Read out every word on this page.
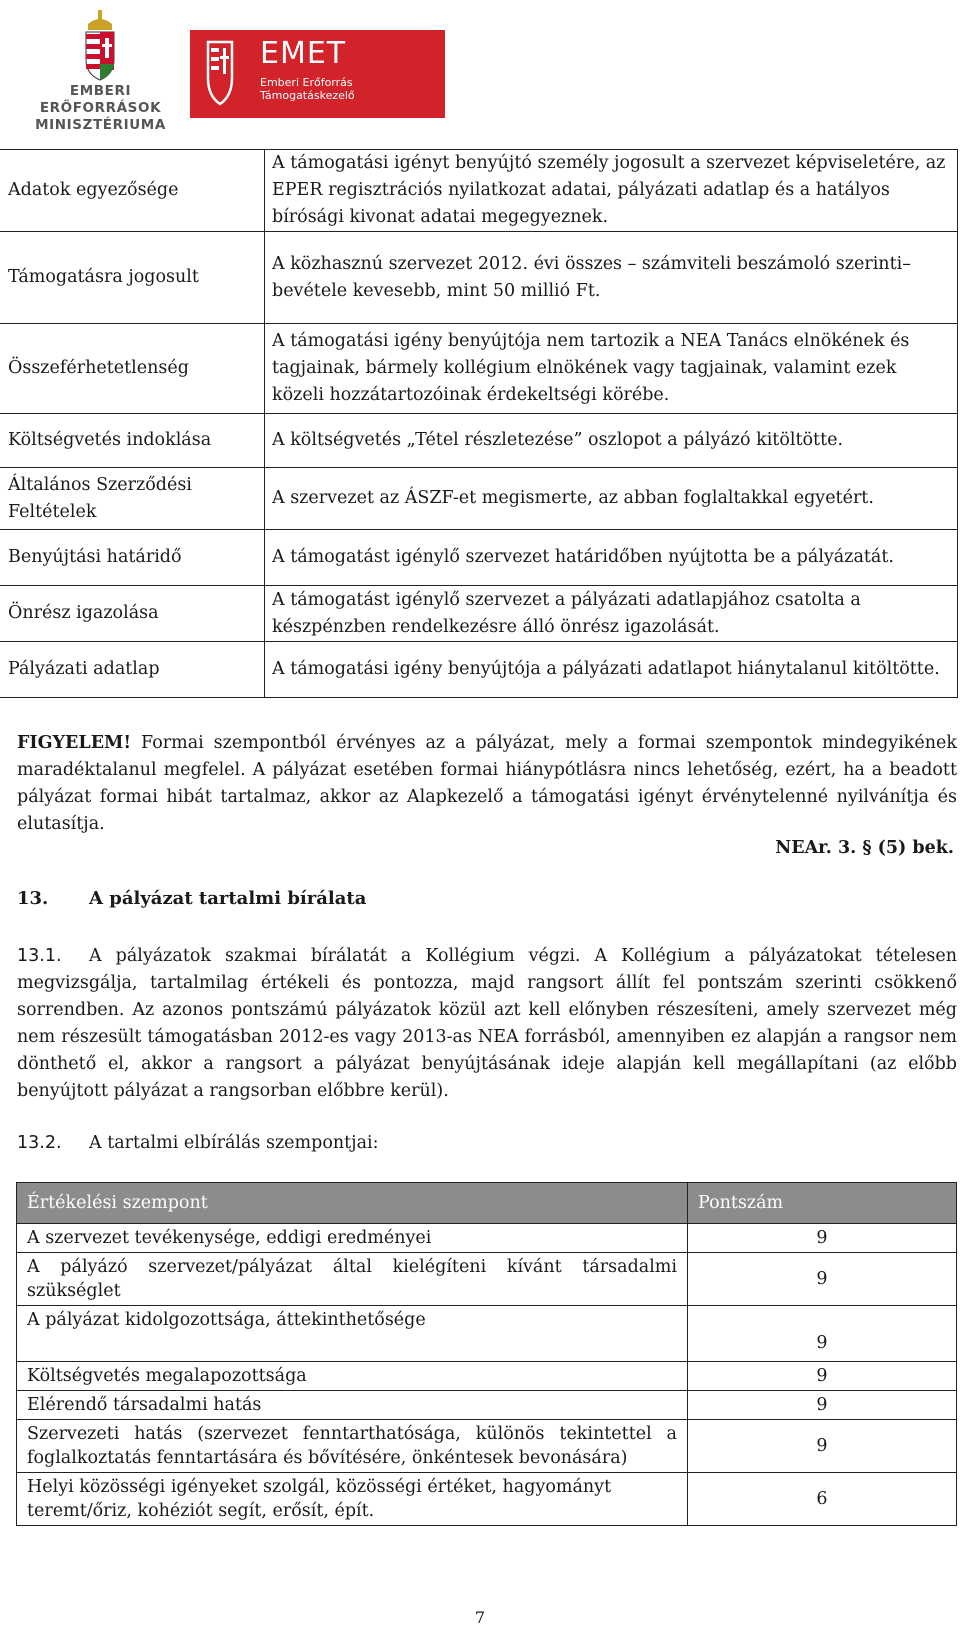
EMBERI ERŐFORRÁSOK
MINISZTÉRIUMA
EMET
Emberi Erőforrás
Támogatáskezelő
Adatok egyezősége	A támogatási igényt benyújtó személy jogosult a szervezet képviseletére, az EPER regisztrációs nyilatkozat adatai, pályázati adatlap és a hatályos bírósági kivonat adatai megegyeznek.
Támogatásra jogosult	A közhasznú szervezet 2012. évi összes – számviteli beszámoló szerinti– bevétele kevesebb, mint 50 millió Ft.
Összeférhetetlenség	A támogatási igény benyújtója nem tartozik a NEA Tanács elnökének és tagjainak, bármely kollégium elnökének vagy tagjainak, valamint ezek közeli hozzátartozóinak érdekeltségi körébe.
Költségvetés indoklása	A költségvetés „Tétel részletezése” oszlopot a pályázó kitöltötte.
Általános Szerződési Feltételek	A szervezet az ÁSZF-et megismerte, az abban foglaltakkal egyetért.
Benyújtási határidő	A támogatást igénylő szervezet határidőben nyújtotta be a pályázatát.
Önrész igazolása	A támogatást igénylő szervezet a pályázati adatlapjához csatolta a készpénzben rendelkezésre álló önrész igazolását.
Pályázati adatlap	A támogatási igény benyújtója a pályázati adatlapot hiánytalanul kitöltötte.
FIGYELEM! Formai szempontból érvényes az a pályázat, mely a formai szempontok mindegyikének maradéktalanul megfelel. A pályázat esetében formai hiánypótlásra nincs lehetőség, ezért, ha a beadott pályázat formai hibát tartalmaz, akkor az Alapkezelő a támogatási igényt érvénytelenné nyilvánítja és elutasítja.
NEAr. 3. § (5) bek.
13. A pályázat tartalmi bírálata
13.1. A pályázatok szakmai bírálatát a Kollégium végzi. A Kollégium a pályázatokat tételesen megvizsgálja, tartalmilag értékeli és pontozza, majd rangsort állít fel pontszám szerinti csökkenő sorrendben. Az azonos pontszámú pályázatok közül azt kell előnyben részesíteni, amely szervezet még nem részesült támogatásban 2012-es vagy 2013-as NEA forrásból, amennyiben ez alapján a rangsor nem dönthető el, akkor a rangsort a pályázat benyújtásának ideje alapján kell megállapítani (az előbb benyújtott pályázat a rangsorban előbbre kerül).
13.2. A tartalmi elbírálás szempontjai:
Értékelési szempont	Pontszám
A szervezet tevékenysége, eddigi eredményei	9
A pályázó szervezet/pályázat által kielégíteni kívánt társadalmi szükséglet	9
A pályázat kidolgozottsága, áttekinthetősége	9
Költségvetés megalapozottsága	9
Elérendő társadalmi hatás	9
Szervezeti hatás (szervezet fenntarthatósága, különös tekintettel a foglalkoztatás fenntartására és bővítésére, önkéntesek bevonására)	9
Helyi közösségi igényeket szolgál, közösségi értéket, hagyományt teremt/őriz, kohéziót segít, erősít, épít.	6
7
